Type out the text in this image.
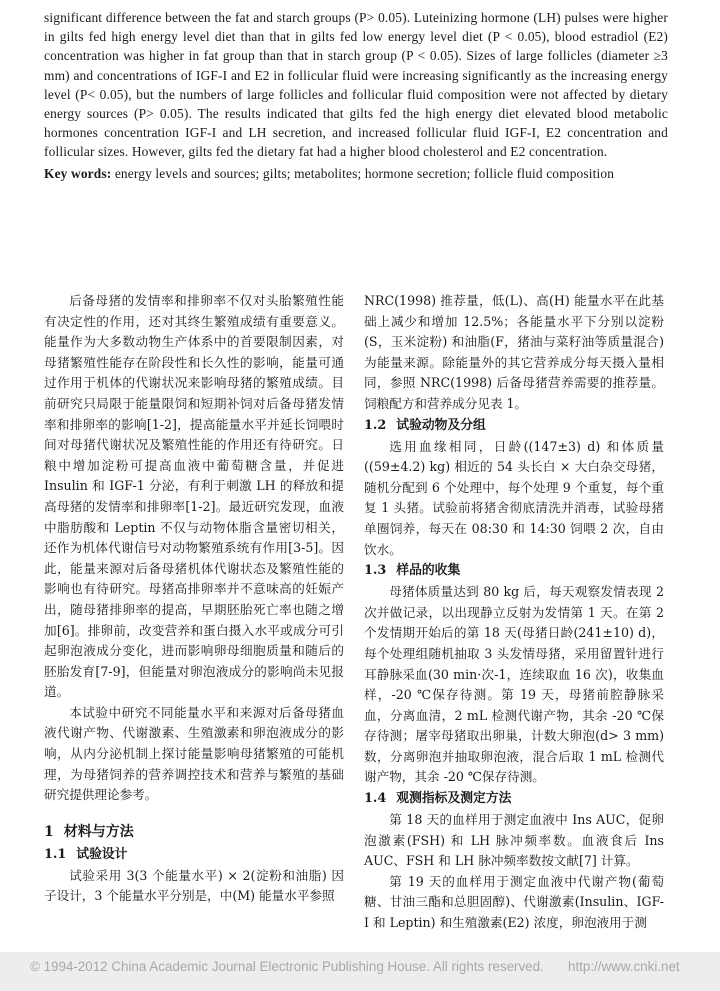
significant difference between the fat and starch groups (P> 0.05). Luteinizing hormone (LH) pulses were higher in gilts fed high energy level diet than that in gilts fed low energy level diet (P < 0.05), blood estradiol (E2) concentration was higher in fat group than that in starch group (P < 0.05). Sizes of large follicles (diameter ≥3 mm) and concentrations of IGF-I and E2 in follicular fluid were increasing significantly as the increasing energy level (P< 0.05), but the numbers of large follicles and follicular fluid composition were not affected by dietary energy sources (P> 0.05). The results indicated that gilts fed the high energy diet elevated blood metabolic hormones concentration IGF-I and LH secretion, and increased follicular fluid IGF-I, E2 concentration and follicular sizes. However, gilts fed the dietary fat had a higher blood cholesterol and E2 concentration.

Key words: energy levels and sources; gilts; metabolites; hormone secretion; follicle fluid composition

后备母猪的发情率和排卵率不仅对头胎繁殖性能有决定性的作用，还对其终生繁殖成绩有重要意义。能量作为大多数动物生产体系中的首要限制因素，对母猪繁殖性能存在阶段性和长久性的影响，能量可通过作用于机体的代谢状况来影响母猪的繁殖成绩。目前研究只局限于能量限饲和短期补饲对后备母猪发情率和排卵率的影响[1-2]，提高能量水平并延长饲喂时间对母猪代谢状况及繁殖性能的作用还有待研究。日粮中增加淀粉可提高血液中葡萄糖含量，并促进 Insulin 和 IGF-1 分泌，有利于刺激 LH 的释放和提高母猪的发情率和排卵率[1-2]。最近研究发现，血液中脂肪酸和 Leptin 不仅与动物体脂含量密切相关，还作为机体代谢信号对动物繁殖系统有作用[3-5]。因此，能量来源对后备母猪机体代谢状态及繁殖性能的影响也有待研究。母猪高排卵率并不意味高的妊娠产出，随母猪排卵率的提高，早期胚胎死亡率也随之增加[6]。排卵前，改变营养和蛋白摄入水平或成分可引起卵泡液成分变化，进而影响卵母细胞质量和随后的胚胎发育[7-9]，但能量对卵泡液成分的影响尚未见报道。

本试验中研究不同能量水平和来源对后备母猪血液代谢产物、代谢激素、生殖激素和卵泡液成分的影响，从内分泌机制上探讨能量影响母猪繁殖的可能机理，为母猪饲养的营养调控技术和营养与繁殖的基础研究提供理论参考。

1 材料与方法
1.1 试验设计

试验采用 3(3 个能量水平) × 2(淀粉和油脂) 因子设计，3 个能量水平分别是，中(M) 能量水平参照

NRC(1998) 推荐量，低(L)、高(H) 能量水平在此基础上减少和增加 12.5%；各能量水平下分别以淀粉(S，玉米淀粉) 和油脂(F，猪油与菜籽油等质量混合) 为能量来源。除能量外的其它营养成分每天摄入量相同，参照 NRC(1998) 后备母猪营养需要的推荐量。饲粮配方和营养成分见表 1。

1.2 试验动物及分组

选用血缘相同，日龄((147±3) d) 和体质量((59±4.2) kg) 相近的 54 头长白 × 大白杂交母猪，随机分配到 6 个处理中，每个处理 9 个重复，每个重复 1 头猪。试验前将猪舍彻底清洗并消毒，试验母猪单圈饲养，每天在 08:30 和 14:30 饲喂 2 次，自由饮水。

1.3 样品的收集

母猪体质量达到 80 kg 后，每天观察发情表现 2 次并做记录，以出现静立反射为发情第 1 天。在第 2 个发情期开始后的第 18 天(母猪日龄(241±10) d)，每个处理组随机抽取 3 头发情母猪，采用留置针进行耳静脉采血(30 min·次-1，连续取血 16 次)，收集血样，-20 ℃保存待测。第 19 天，母猪前腔静脉采血，分离血清，2 mL 检测代谢产物，其余 -20 ℃保存待测；屠宰母猪取出卵巢，计数大卵泡(d> 3 mm) 数，分离卵泡并抽取卵泡液，混合后取 1 mL 检测代谢产物，其余 -20 ℃保存待测。

1.4 观测指标及测定方法

第 18 天的血样用于测定血液中 Ins AUC，促卵泡激素(FSH) 和 LH 脉冲频率数。血液食后 Ins AUC、FSH 和 LH 脉冲频率数按文献[7] 计算。

第 19 天的血样用于测定血液中代谢产物(葡萄糖、甘油三酯和总胆固醇)、代谢激素(Insulin、IGF-I 和 Leptin) 和生殖激素(E2) 浓度，卵泡液用于测

© 1994-2012 China Academic Journal Electronic Publishing House. All rights reserved. http://www.cnki.net
